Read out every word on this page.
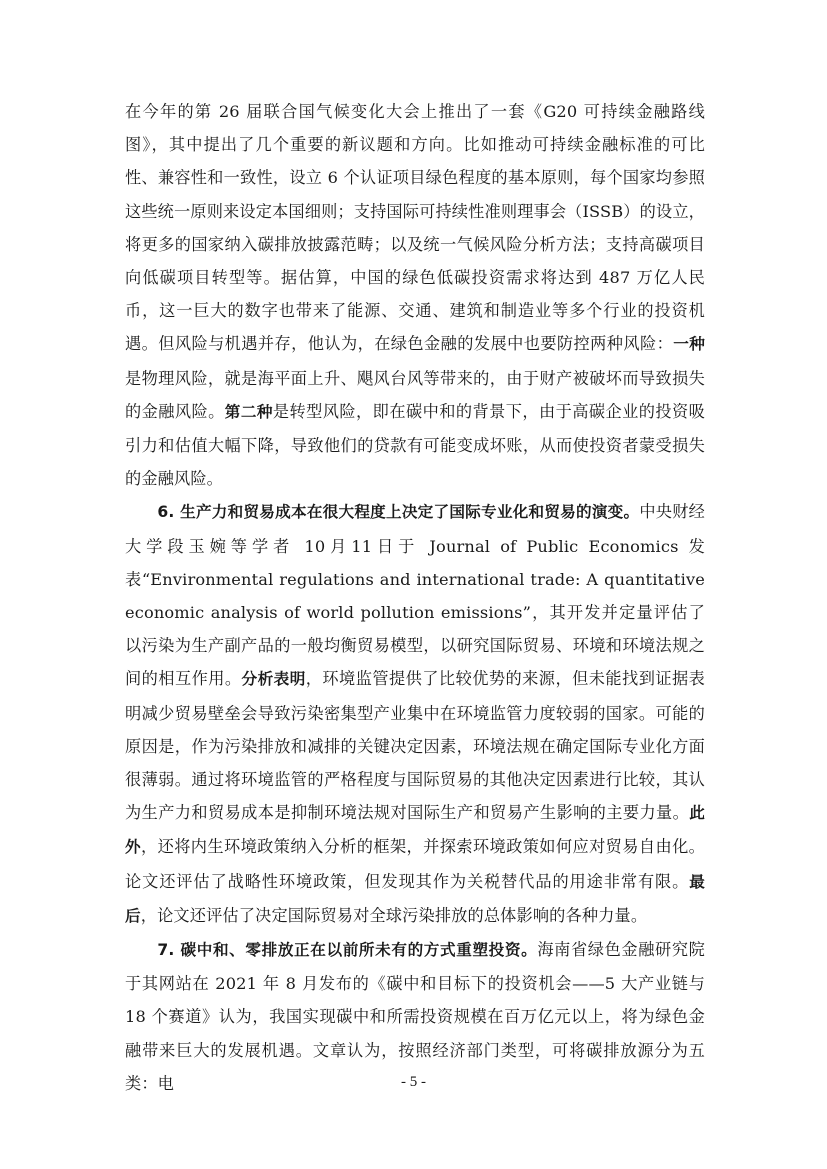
在今年的第 26 届联合国气候变化大会上推出了一套《G20 可持续金融路线图》，其中提出了几个重要的新议题和方向。比如推动可持续金融标准的可比性、兼容性和一致性，设立 6 个认证项目绿色程度的基本原则，每个国家均参照这些统一原则来设定本国细则；支持国际可持续性准则理事会（ISSB）的设立，将更多的国家纳入碳排放披露范畴；以及统一气候风险分析方法；支持高碳项目向低碳项目转型等。据估算，中国的绿色低碳投资需求将达到 487 万亿人民币，这一巨大的数字也带来了能源、交通、建筑和制造业等多个行业的投资机遇。但风险与机遇并存，他认为，在绿色金融的发展中也要防控两种风险：一种是物理风险，就是海平面上升、飓风台风等带来的，由于财产被破坏而导致损失的金融风险。第二种是转型风险，即在碳中和的背景下，由于高碳企业的投资吸引力和估值大幅下降，导致他们的贷款有可能变成坏账，从而使投资者蒙受损失的金融风险。

6. 生产力和贸易成本在很大程度上决定了国际专业化和贸易的演变。中央财经大学段玉婉等学者 10月11日于 Journal of Public Economics 发表“Environmental regulations and international trade: A quantitative economic analysis of world pollution emissions”，其开发并定量评估了以污染为生产副产品的一般均衡贸易模型，以研究国际贸易、环境和环境法规之间的相互作用。分析表明，环境监管提供了比较优势的来源，但未能找到证据表明减少贸易壁垒会导致污染密集型产业集中在环境监管力度较弱的国家。可能的原因是，作为污染排放和减排的关键决定因素，环境法规在确定国际专业化方面很薄弱。通过将环境监管的严格程度与国际贸易的其他决定因素进行比较，其认为生产力和贸易成本是抑制环境法规对国际生产和贸易产生影响的主要力量。此外，还将内生环境政策纳入分析的框架，并探索环境政策如何应对贸易自由化。论文还评估了战略性环境政策，但发现其作为关税替代品的用途非常有限。最后，论文还评估了决定国际贸易对全球污染排放的总体影响的各种力量。

7. 碳中和、零排放正在以前所未有的方式重塑投资。海南省绿色金融研究院于其网站在 2021 年 8 月发布的《碳中和目标下的投资机会——5 大产业链与 18 个赛道》认为，我国实现碳中和所需投资规模在百万亿元以上，将为绿色金融带来巨大的发展机遇。文章认为，按照经济部门类型，可将碳排放源分为五类：电	- 5 -
